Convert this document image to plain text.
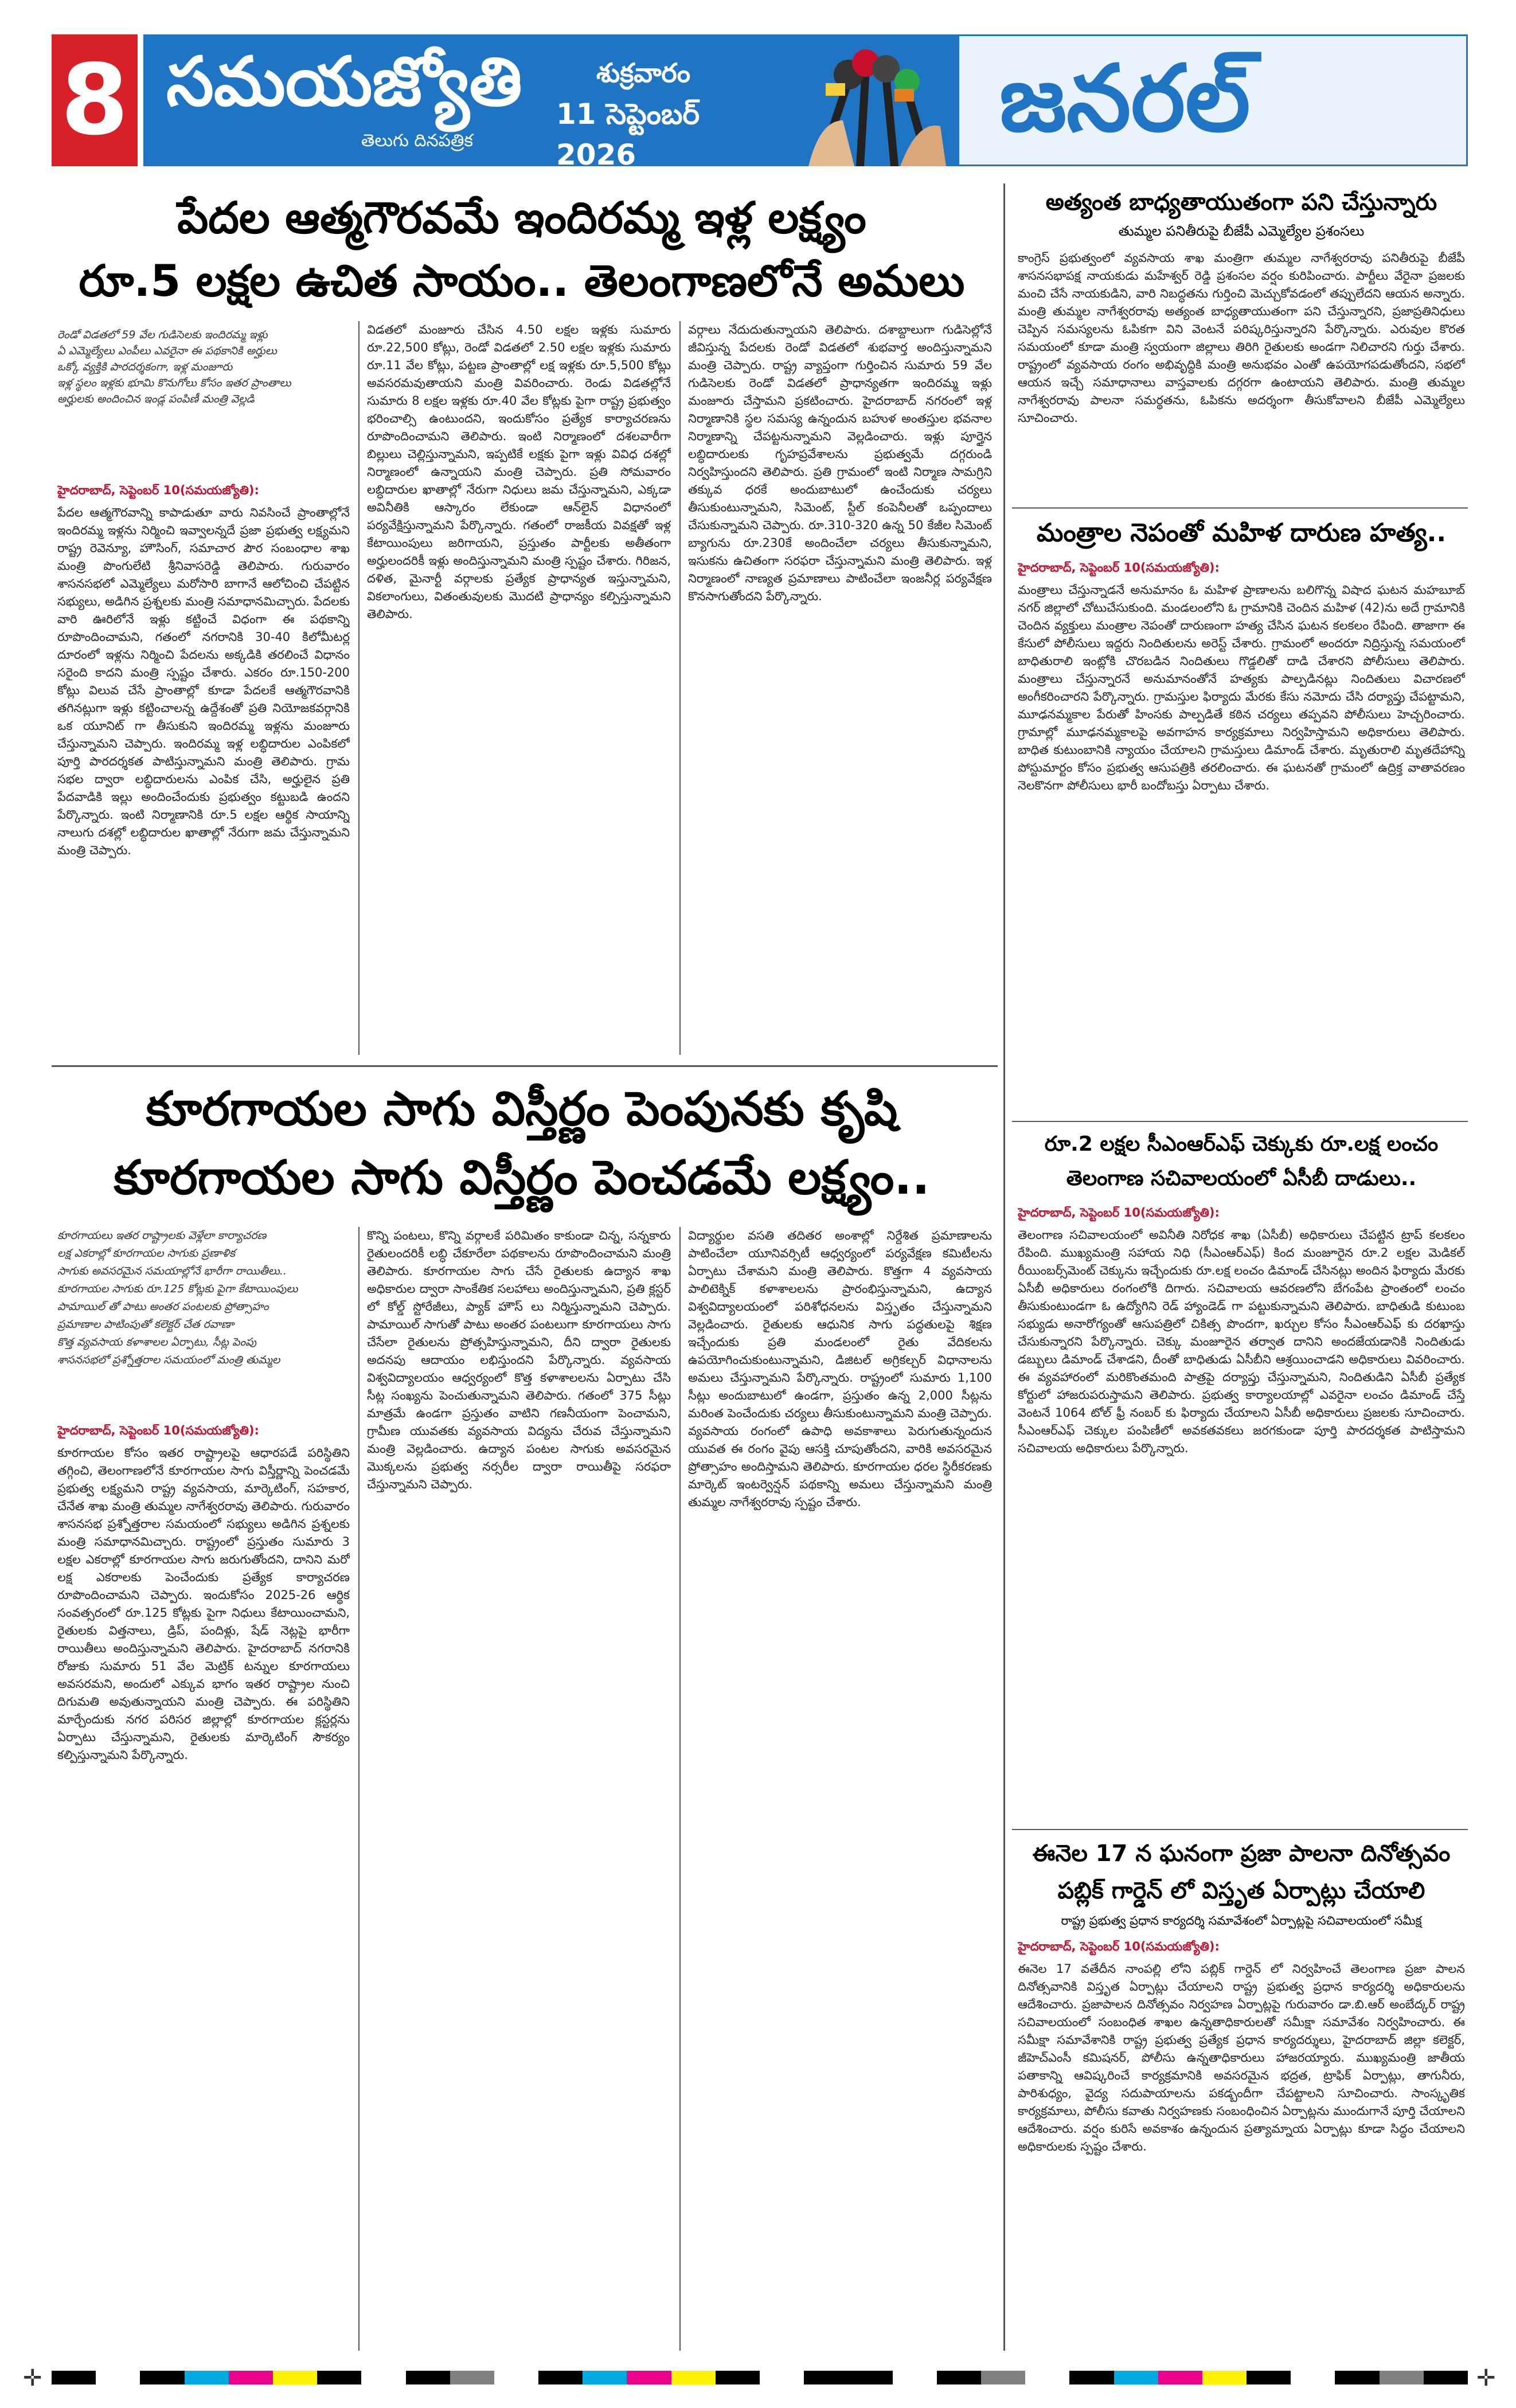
8 సమయజ్యోతి
తెలుగు దినపత్రిక
శుక్రవారం
11 సెప్టెంబర్ 2026
జనరల్
పేదల ఆత్మగౌరవమే ఇందిరమ్మ ఇళ్ల లక్ష్యం
రూ.5 లక్షల ఉచిత సాయం.. తెలంగాణలోనే అమలు
రెండో విడతలో 59 వేల గుడిసెలకు ఇందిరమ్మ ఇళ్లు
ఏ ఎమ్మెల్యేలు ఎంపీలు ఎవరైనా ఈ పథకానికి అర్హులు
ఒక్కో వ్యక్తికి పారదర్శకంగా, ఇళ్ల మంజూరు
ఇళ్ల స్థలం ఇళ్లకు భూమి కొనుగోలు కోసం ఇతర ప్రాంతాలు
అర్హులకు అందించిన ఇండ్ల పంపిణీ మంత్రి వెల్లడి

హైదరాబాద్, సెప్టెంబర్ 10(సమయజ్యోతి):

పేదల ఆత్మగౌరవాన్ని కాపాడుతూ వారు నివసించే ప్రాంతాల్లోనే ఇందిరమ్మ ఇళ్లను నిర్మించి ఇవ్వాలన్నదే ప్రజా ప్రభుత్వ లక్ష్యమని రాష్ట్ర రెవెన్యూ, హౌసింగ్, సమాచార పౌర సంబంధాల శాఖ మంత్రి పొంగులేటి శ్రీనివాసరెడ్డి తెలిపారు. గురువారం శాసనసభలో ఎమ్మెల్యేలు మరోసారి బాగానే ఆలోచించి చేపట్టిన సభ్యులు, అడిగిన ప్రశ్నలకు మంత్రి సమాధానమిచ్చారు. పేదలకు వారి ఊరిలోనే ఇళ్లు కట్టించే విధంగా ఈ పథకాన్ని రూపొందించామని, గతంలో నగరానికి 30-40 కిలోమీటర్ల దూరంలో ఇళ్లను నిర్మించి పేదలను అక్కడికి తరలించే విధానం సరైంది కాదని మంత్రి స్పష్టం చేశారు. ఎకరం రూ.150-200 కోట్లు విలువ చేసే ప్రాంతాల్లో కూడా పేదలకే ఆత్మగౌరవానికి తగినట్లుగా ఇళ్లు కట్టించాలన్న ఉద్దేశంతో ప్రతి నియోజకవర్గానికి ఒక యూనిట్ గా తీసుకుని ఇందిరమ్మ ఇళ్లను మంజూరు చేస్తున్నామని చెప్పారు. ఇందిరమ్మ ఇళ్ల లబ్ధిదారుల ఎంపికలో పూర్తి పారదర్శకత పాటిస్తున్నామని మంత్రి తెలిపారు. గ్రామ సభల ద్వారా లబ్ధిదారులను ఎంపిక చేసి, అర్హులైన ప్రతి పేదవాడికి ఇల్లు అందించేందుకు ప్రభుత్వం కట్టుబడి ఉందని పేర్కొన్నారు. ఇంటి నిర్మాణానికి రూ.5 లక్షల ఆర్థిక సాయాన్ని నాలుగు దశల్లో లబ్ధిదారుల ఖాతాల్లో నేరుగా జమ చేస్తున్నామని మంత్రి చెప్పారు.

విడతలో మంజూరు చేసిన 4.50 లక్షల ఇళ్లకు సుమారు రూ.22,500 కోట్లు, రెండో విడతలో 2.50 లక్షల ఇళ్లకు సుమారు రూ.11 వేల కోట్లు, పట్టణ ప్రాంతాల్లో లక్ష ఇళ్లకు రూ.5,500 కోట్లు అవసరమవుతాయని మంత్రి వివరించారు. రెండు విడతల్లోనే సుమారు 8 లక్షల ఇళ్లకు రూ.40 వేల కోట్లకు పైగా రాష్ట్ర ప్రభుత్వం భరించాల్సి ఉంటుందని, ఇందుకోసం ప్రత్యేక కార్యాచరణను రూపొందించామని తెలిపారు. ఇంటి నిర్మాణంలో దశలవారీగా బిల్లులు చెల్లిస్తున్నామని, ఇప్పటికే లక్షకు పైగా ఇళ్లు వివిధ దశల్లో నిర్మాణంలో ఉన్నాయని మంత్రి చెప్పారు. ప్రతి సోమవారం లబ్ధిదారుల ఖాతాల్లో నేరుగా నిధులు జమ చేస్తున్నామని, ఎక్కడా అవినీతికి ఆస్కారం లేకుండా ఆన్‌లైన్ విధానంలో పర్యవేక్షిస్తున్నామని పేర్కొన్నారు. గతంలో రాజకీయ వివక్షతో ఇళ్ల కేటాయింపులు జరిగాయని, ప్రస్తుతం పార్టీలకు అతీతంగా అర్హులందరికీ ఇళ్లు అందిస్తున్నామని మంత్రి స్పష్టం చేశారు. గిరిజన, దళిత, మైనార్టీ వర్గాలకు ప్రత్యేక ప్రాధాన్యత ఇస్తున్నామని, వికలాంగులు, వితంతువులకు మొదటి ప్రాధాన్యం కల్పిస్తున్నామని తెలిపారు.

వర్గాలు నేదుదుతున్నాయని తెలిపారు. దశాబ్దాలుగా గుడిసెల్లోనే జీవిస్తున్న పేదలకు రెండో విడతలో శుభవార్త అందిస్తున్నామని మంత్రి చెప్పారు. రాష్ట్ర వ్యాప్తంగా గుర్తించిన సుమారు 59 వేల గుడిసెలకు రెండో విడతలో ప్రాధాన్యతగా ఇందిరమ్మ ఇళ్లు మంజూరు చేస్తామని ప్రకటించారు. హైదరాబాద్ నగరంలో ఇళ్ల నిర్మాణానికి స్థల సమస్య ఉన్నందున బహుళ అంతస్తుల భవనాల నిర్మాణాన్ని చేపట్టనున్నామని వెల్లడించారు. ఇళ్లు పూర్తైన లబ్ధిదారులకు గృహప్రవేశాలను ప్రభుత్వమే దగ్గరుండి నిర్వహిస్తుందని తెలిపారు. ప్రతి గ్రామంలో ఇంటి నిర్మాణ సామగ్రిని తక్కువ ధరకే అందుబాటులో ఉంచేందుకు చర్యలు తీసుకుంటున్నామని, సిమెంట్, స్టీల్ కంపెనీలతో ఒప్పందాలు చేసుకున్నామని చెప్పారు. రూ.310-320 ఉన్న 50 కేజీల సిమెంట్ బ్యాగును రూ.230కే అందించేలా చర్యలు తీసుకున్నామని, ఇసుకను ఉచితంగా సరఫరా చేస్తున్నామని మంత్రి తెలిపారు. ఇళ్ల నిర్మాణంలో నాణ్యత ప్రమాణాలు పాటించేలా ఇంజనీర్ల పర్యవేక్షణ కొనసాగుతోందని పేర్కొన్నారు.

కూరగాయల సాగు విస్తీర్ణం పెంపునకు కృషి
కూరగాయల సాగు విస్తీర్ణం పెంచడమే లక్ష్యం..
కూరగాయలు ఇతర రాష్ట్రాలకు వెళ్లేలా కార్యాచరణ
లక్ష ఎకరాల్లో కూరగాయల సాగుకు ప్రణాళిక
సాగుకు అవసరమైన సమయాల్లోనే భారీగా రాయితీలు..
కూరగాయల సాగుకు రూ.125 కోట్లకు పైగా కేటాయింపులు
పామాయిల్ తో పాటు అంతర పంటలకు ప్రోత్సాహం
ప్రమాణాల పాటింపుతో కలెక్టర్ చేత రవాణా
కొత్త వ్యవసాయ కళాశాలల ఏర్పాటు, సీట్ల పెంపు
శాసనసభలో ప్రశ్నోత్తరాల సమయంలో మంత్రి తుమ్మల

హైదరాబాద్, సెప్టెంబర్ 10(సమయజ్యోతి):

కూరగాయల కోసం ఇతర రాష్ట్రాలపై ఆధారపడే పరిస్థితిని తగ్గించి, తెలంగాణలోనే కూరగాయల సాగు విస్తీర్ణాన్ని పెంచడమే ప్రభుత్వ లక్ష్యమని రాష్ట్ర వ్యవసాయ, మార్కెటింగ్, సహకార, చేనేత శాఖ మంత్రి తుమ్మల నాగేశ్వరరావు తెలిపారు. గురువారం శాసనసభ ప్రశ్నోత్తరాల సమయంలో సభ్యులు అడిగిన ప్రశ్నలకు మంత్రి సమాధానమిచ్చారు. రాష్ట్రంలో ప్రస్తుతం సుమారు 3 లక్షల ఎకరాల్లో కూరగాయల సాగు జరుగుతోందని, దానిని మరో లక్ష ఎకరాలకు పెంచేందుకు ప్రత్యేక కార్యాచరణ రూపొందించామని చెప్పారు. ఇందుకోసం 2025-26 ఆర్థిక సంవత్సరంలో రూ.125 కోట్లకు పైగా నిధులు కేటాయించామని, రైతులకు విత్తనాలు, డ్రిప్, పందిళ్లు, షేడ్ నెట్లపై భారీగా రాయితీలు అందిస్తున్నామని తెలిపారు. హైదరాబాద్ నగరానికి రోజుకు సుమారు 51 వేల మెట్రిక్ టన్నుల కూరగాయలు అవసరమని, అందులో ఎక్కువ భాగం ఇతర రాష్ట్రాల నుంచి దిగుమతి అవుతున్నాయని మంత్రి చెప్పారు. ఈ పరిస్థితిని మార్చేందుకు నగర పరిసర జిల్లాల్లో కూరగాయల క్లస్టర్లను ఏర్పాటు చేస్తున్నామని, రైతులకు మార్కెటింగ్ సౌకర్యం కల్పిస్తున్నామని పేర్కొన్నారు.

కొన్ని పంటలు, కొన్ని వర్గాలకే పరిమితం కాకుండా చిన్న, సన్నకారు రైతులందరికీ లబ్ధి చేకూరేలా పథకాలను రూపొందించామని మంత్రి తెలిపారు. కూరగాయల సాగు చేసే రైతులకు ఉద్యాన శాఖ అధికారుల ద్వారా సాంకేతిక సలహాలు అందిస్తున్నామని, ప్రతి క్లస్టర్ లో కోల్డ్ స్టోరేజీలు, ప్యాక్ హౌస్ లు నిర్మిస్తున్నామని చెప్పారు. పామాయిల్ సాగుతో పాటు అంతర పంటలుగా కూరగాయలు సాగు చేసేలా రైతులను ప్రోత్సహిస్తున్నామని, దీని ద్వారా రైతులకు అదనపు ఆదాయం లభిస్తుందని పేర్కొన్నారు. వ్యవసాయ విశ్వవిద్యాలయం ఆధ్వర్యంలో కొత్త కళాశాలలను ఏర్పాటు చేసి సీట్ల సంఖ్యను పెంచుతున్నామని తెలిపారు. గతంలో 375 సీట్లు మాత్రమే ఉండగా ప్రస్తుతం వాటిని గణనీయంగా పెంచామని, గ్రామీణ యువతకు వ్యవసాయ విద్యను చేరువ చేస్తున్నామని మంత్రి వెల్లడించారు. ఉద్యాన పంటల సాగుకు అవసరమైన మొక్కలను ప్రభుత్వ నర్సరీల ద్వారా రాయితీపై సరఫరా చేస్తున్నామని చెప్పారు.

విద్యార్థుల వసతి తదితర అంశాల్లో నిర్దేశిత ప్రమాణాలను పాటించేలా యూనివర్సిటీ ఆధ్వర్యంలో పర్యవేక్షణ కమిటీలను ఏర్పాటు చేశామని మంత్రి తెలిపారు. కొత్తగా 4 వ్యవసాయ పాలిటెక్నిక్ కళాశాలలను ప్రారంభిస్తున్నామని, ఉద్యాన విశ్వవిద్యాలయంలో పరిశోధనలను విస్తృతం చేస్తున్నామని వెల్లడించారు. రైతులకు ఆధునిక సాగు పద్ధతులపై శిక్షణ ఇచ్చేందుకు ప్రతి మండలంలో రైతు వేదికలను ఉపయోగించుకుంటున్నామని, డిజిటల్ అగ్రికల్చర్ విధానాలను అమలు చేస్తున్నామని పేర్కొన్నారు. రాష్ట్రంలో సుమారు 1,100 సీట్లు అందుబాటులో ఉండగా, ప్రస్తుతం ఉన్న 2,000 సీట్లను మరింత పెంచేందుకు చర్యలు తీసుకుంటున్నామని మంత్రి చెప్పారు. వ్యవసాయ రంగంలో ఉపాధి అవకాశాలు పెరుగుతున్నందున యువత ఈ రంగం వైపు ఆసక్తి చూపుతోందని, వారికి అవసరమైన ప్రోత్సాహం అందిస్తామని తెలిపారు. కూరగాయల ధరల స్థిరీకరణకు మార్కెట్ ఇంటర్వెన్షన్ పథకాన్ని అమలు చేస్తున్నామని మంత్రి తుమ్మల నాగేశ్వరరావు స్పష్టం చేశారు.

అత్యంత బాధ్యతాయుతంగా పని చేస్తున్నారు
తుమ్మల పనితీరుపై బీజేపీ ఎమ్మెల్యేల ప్రశంసలు

కాంగ్రెస్ ప్రభుత్వంలో వ్యవసాయ శాఖ మంత్రిగా తుమ్మల నాగేశ్వరరావు పనితీరుపై బీజేపీ శాసనసభాపక్ష నాయకుడు మహేశ్వర్ రెడ్డి ప్రశంసల వర్షం కురిపించారు. పార్టీలు వేరైనా ప్రజలకు మంచి చేసే నాయకుడిని, వారి నిబద్ధతను గుర్తించి మెచ్చుకోవడంలో తప్పులేదని ఆయన అన్నారు. మంత్రి తుమ్మల నాగేశ్వరరావు అత్యంత బాధ్యతాయుతంగా పని చేస్తున్నారని, ప్రజాప్రతినిధులు చెప్పిన సమస్యలను ఓపికగా విని వెంటనే పరిష్కరిస్తున్నారని పేర్కొన్నారు. ఎరువుల కొరత సమయంలో కూడా మంత్రి స్వయంగా జిల్లాలు తిరిగి రైతులకు అండగా నిలిచారని గుర్తు చేశారు. రాష్ట్రంలో వ్యవసాయ రంగం అభివృద్ధికి మంత్రి అనుభవం ఎంతో ఉపయోగపడుతోందని, సభలో ఆయన ఇచ్చే సమాధానాలు వాస్తవాలకు దగ్గరగా ఉంటాయని తెలిపారు. మంత్రి తుమ్మల నాగేశ్వరరావు పాలనా సమర్థతను, ఓపికను అదర్శంగా తీసుకోవాలని బీజేపీ ఎమ్మెల్యేలు సూచించారు.

మంత్రాల నెపంతో మహిళ దారుణ హత్య..

హైదరాబాద్, సెప్టెంబర్ 10(సమయజ్యోతి):

మంత్రాలు చేస్తున్నాడనే అనుమానం ఓ మహిళ ప్రాణాలను బలిగొన్న విషాద ఘటన మహబూబ్ నగర్ జిల్లాలో చోటుచేసుకుంది. మండలంలోని ఓ గ్రామానికి చెందిన మహిళ (42)ను అదే గ్రామానికి చెందిన వ్యక్తులు మంత్రాల నెపంతో దారుణంగా హత్య చేసిన ఘటన కలకలం రేపింది. తాజాగా ఈ కేసులో పోలీసులు ఇద్దరు నిందితులను అరెస్ట్ చేశారు. గ్రామంలో అందరూ నిద్రిస్తున్న సమయంలో బాధితురాలి ఇంట్లోకి చొరబడిన నిందితులు గొడ్డలితో దాడి చేశారని పోలీసులు తెలిపారు. మంత్రాలు చేస్తున్నారనే అనుమానంతోనే హత్యకు పాల్పడినట్లు నిందితులు విచారణలో అంగీకరించారని పేర్కొన్నారు. గ్రామస్తుల ఫిర్యాదు మేరకు కేసు నమోదు చేసి దర్యాప్తు చేపట్టామని, మూఢనమ్మకాల పేరుతో హింసకు పాల్పడితే కఠిన చర్యలు తప్పవని పోలీసులు హెచ్చరించారు. గ్రామాల్లో మూఢనమ్మకాలపై అవగాహన కార్యక్రమాలు నిర్వహిస్తామని అధికారులు తెలిపారు. బాధిత కుటుంబానికి న్యాయం చేయాలని గ్రామస్తులు డిమాండ్ చేశారు. మృతురాలి మృతదేహాన్ని పోస్టుమార్టం కోసం ప్రభుత్వ ఆసుపత్రికి తరలించారు. ఈ ఘటనతో గ్రామంలో ఉద్రిక్త వాతావరణం నెలకొనగా పోలీసులు భారీ బందోబస్తు ఏర్పాటు చేశారు.

రూ.2 లక్షల సీఎంఆర్ఎఫ్ చెక్కుకు రూ.లక్ష లంచం
తెలంగాణ సచివాలయంలో ఏసీబీ దాడులు..

హైదరాబాద్, సెప్టెంబర్ 10(సమయజ్యోతి):

తెలంగాణ సచివాలయంలో అవినీతి నిరోధక శాఖ (ఏసీబీ) అధికారులు చేపట్టిన ట్రాప్ కలకలం రేపింది. ముఖ్యమంత్రి సహాయ నిధి (సీఎంఆర్ఎఫ్) కింద మంజూరైన రూ.2 లక్షల మెడికల్ రీయింబర్స్‌మెంట్ చెక్కును ఇచ్చేందుకు రూ.లక్ష లంచం డిమాండ్ చేసినట్లు అందిన ఫిర్యాదు మేరకు ఏసీబీ అధికారులు రంగంలోకి దిగారు. సచివాలయ ఆవరణలోని బేగంపేట ప్రాంతంలో లంచం తీసుకుంటుండగా ఓ ఉద్యోగిని రెడ్ హ్యాండెడ్ గా పట్టుకున్నామని తెలిపారు. బాధితుడి కుటుంబ సభ్యుడు అనారోగ్యంతో ఆసుపత్రిలో చికిత్స పొందగా, ఖర్చుల కోసం సీఎంఆర్ఎఫ్ కు దరఖాస్తు చేసుకున్నారని పేర్కొన్నారు. చెక్కు మంజూరైన తర్వాత దానిని అందజేయడానికి నిందితుడు డబ్బులు డిమాండ్ చేశాడని, దీంతో బాధితుడు ఏసీబీని ఆశ్రయించాడని అధికారులు వివరించారు. ఈ వ్యవహారంలో మరికొంతమంది పాత్రపై దర్యాప్తు చేస్తున్నామని, నిందితుడిని ఏసీబీ ప్రత్యేక కోర్టులో హాజరుపరుస్తామని తెలిపారు. ప్రభుత్వ కార్యాలయాల్లో ఎవరైనా లంచం డిమాండ్ చేస్తే వెంటనే 1064 టోల్ ఫ్రీ నంబర్ కు ఫిర్యాదు చేయాలని ఏసీబీ అధికారులు ప్రజలకు సూచించారు. సీఎంఆర్ఎఫ్ చెక్కుల పంపిణీలో అవకతవకలు జరగకుండా పూర్తి పారదర్శకత పాటిస్తామని సచివాలయ అధికారులు పేర్కొన్నారు.

ఈనెల 17 న ఘనంగా ప్రజా పాలనా దినోత్సవం
పబ్లిక్ గార్డెన్ లో విస్తృత ఏర్పాట్లు చేయాలి
రాష్ట్ర ప్రభుత్వ ప్రధాన కార్యదర్శి సమావేశంలో ఏర్పాట్లపై సచివాలయంలో సమీక్ష

హైదరాబాద్, సెప్టెంబర్ 10(సమయజ్యోతి):

ఈనెల 17 వతేదీన నాంపల్లి లోని పబ్లిక్ గార్డెన్ లో నిర్వహించే తెలంగాణ ప్రజా పాలన దినోత్సవానికి విస్తృత ఏర్పాట్లు చేయాలని రాష్ట్ర ప్రభుత్వ ప్రధాన కార్యదర్శి అధికారులను ఆదేశించారు. ప్రజాపాలన దినోత్సవం నిర్వహణ ఏర్పాట్లపై గురువారం డా.బి.ఆర్ అంబేద్కర్ రాష్ట్ర సచివాలయంలో సంబంధిత శాఖల ఉన్నతాధికారులతో సమీక్షా సమావేశం నిర్వహించారు. ఈ సమీక్షా సమావేశానికి రాష్ట్ర ప్రభుత్వ ప్రత్యేక ప్రధాన కార్యదర్శులు, హైదరాబాద్ జిల్లా కలెక్టర్, జీహెచ్ఎంసీ కమిషనర్, పోలీసు ఉన్నతాధికారులు హాజరయ్యారు. ముఖ్యమంత్రి జాతీయ పతాకాన్ని ఆవిష్కరించే కార్యక్రమానికి అవసరమైన భద్రత, ట్రాఫిక్ ఏర్పాట్లు, తాగునీరు, పారిశుధ్యం, వైద్య సదుపాయాలను పకడ్బందీగా చేపట్టాలని సూచించారు. సాంస్కృతిక కార్యక్రమాలు, పోలీసు కవాతు నిర్వహణకు సంబంధించిన ఏర్పాట్లను ముందుగానే పూర్తి చేయాలని ఆదేశించారు. వర్షం కురిసే అవకాశం ఉన్నందున ప్రత్యామ్నాయ ఏర్పాట్లు కూడా సిద్ధం చేయాలని అధికారులకు స్పష్టం చేశారు.

✛	✛
